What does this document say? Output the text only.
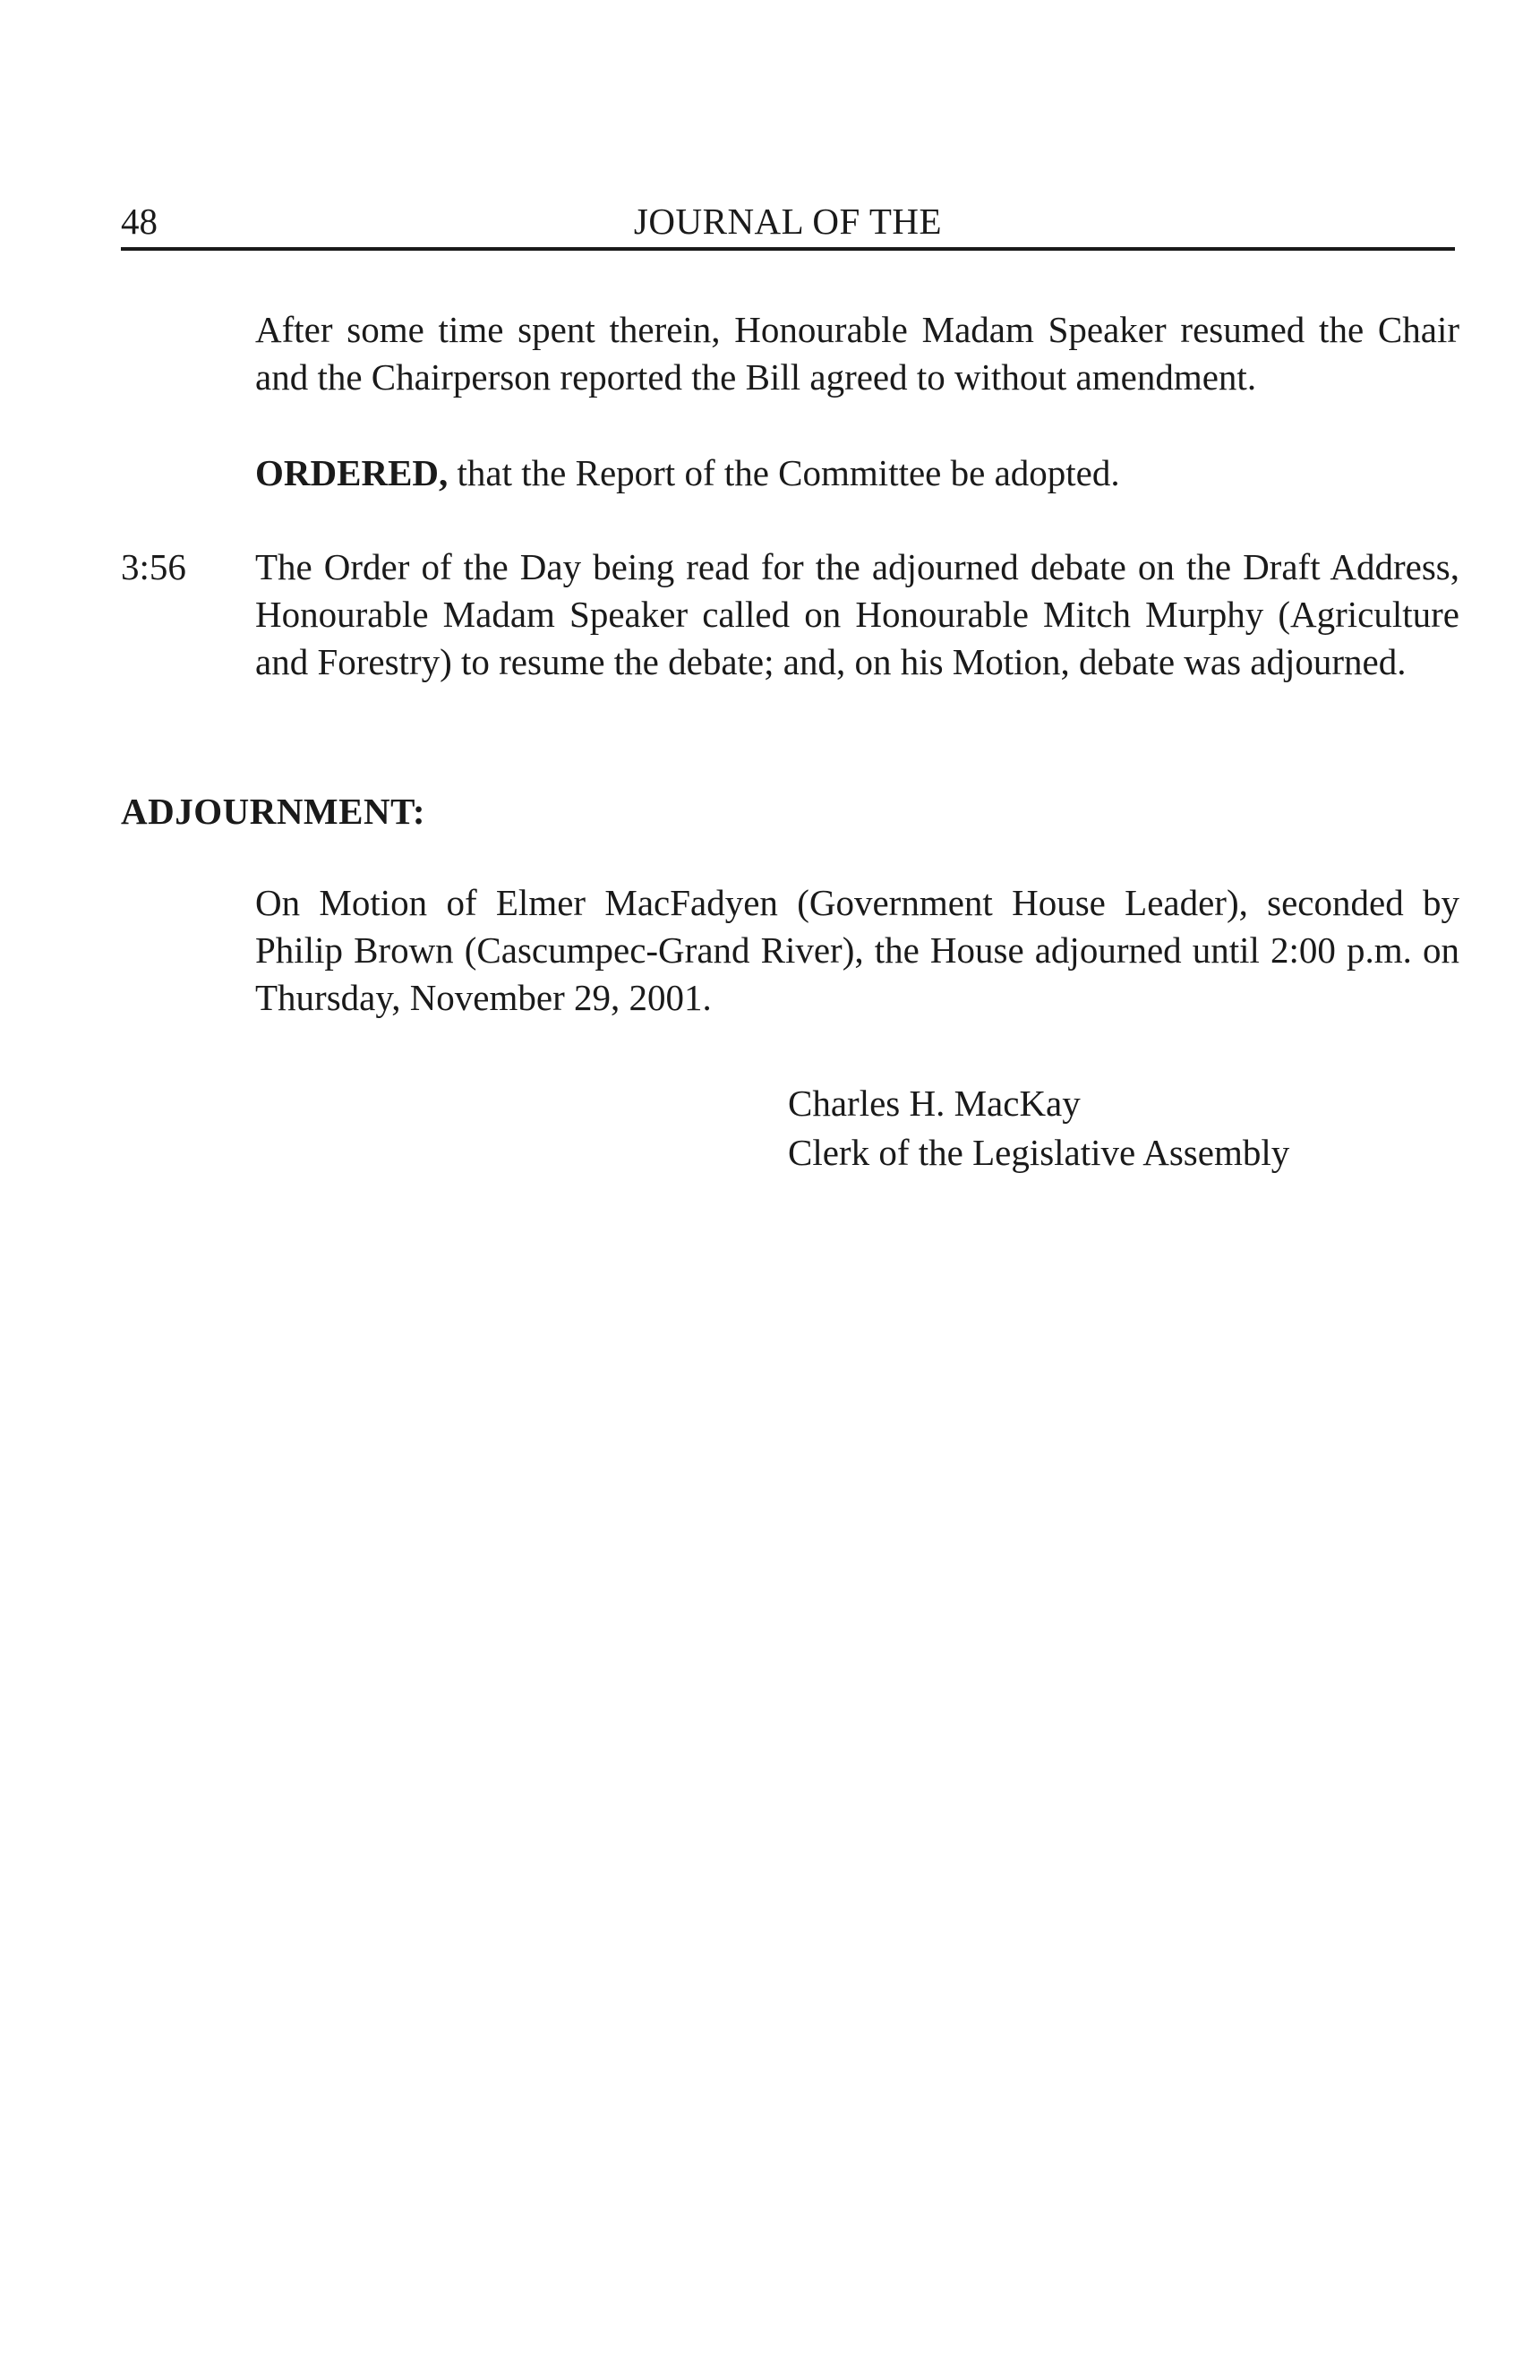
48	JOURNAL OF THE

After some time spent therein, Honourable Madam Speaker resumed the Chair and the Chairperson reported the Bill agreed to without amendment.

ORDERED, that the Report of the Committee be adopted.

3:56 The Order of the Day being read for the adjourned debate on the Draft Address, Honourable Madam Speaker called on Honourable Mitch Murphy (Agriculture and Forestry) to resume the debate; and, on his Motion, debate was adjourned.

ADJOURNMENT:

On Motion of Elmer MacFadyen (Government House Leader), seconded by Philip Brown (Cascumpec-Grand River), the House adjourned until 2:00 p.m. on Thursday, November 29, 2001.

Charles H. MacKay
Clerk of the Legislative Assembly
